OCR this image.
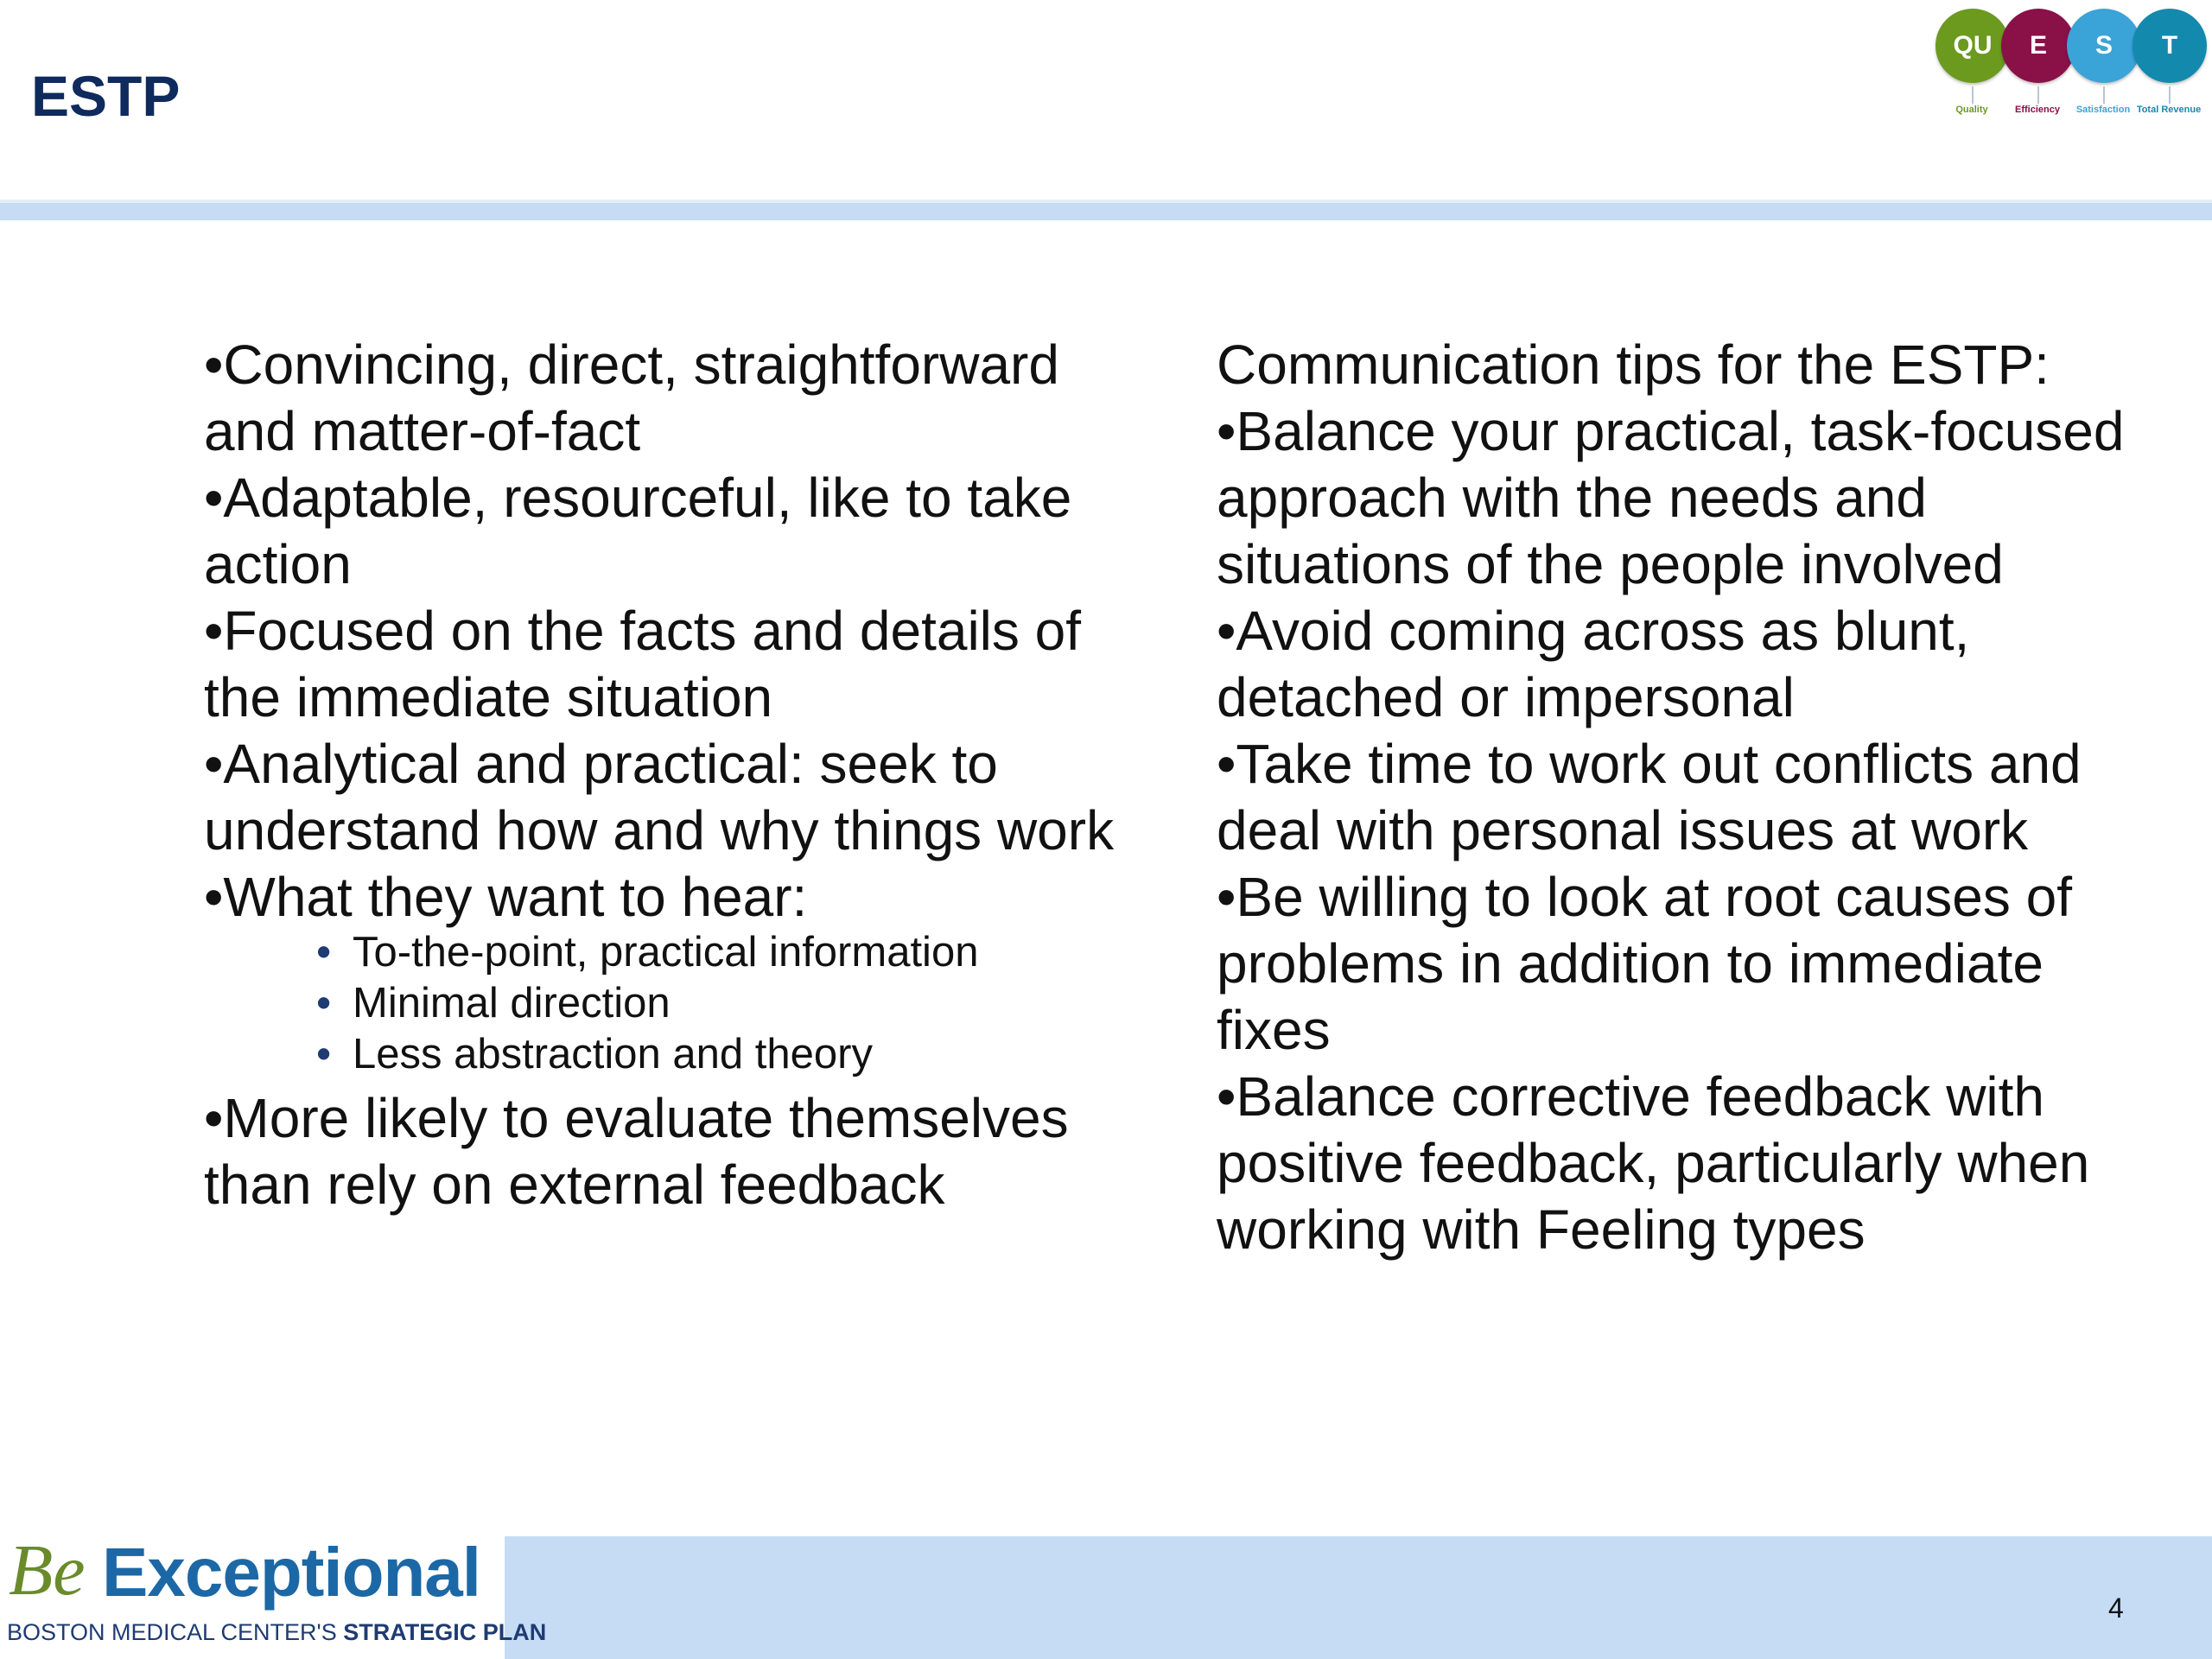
ESTP
QU	E	S	T
Quality	Efficiency	Satisfaction Total Revenue

•Convincing, direct, straightforward and matter-of-fact

•Adaptable, resourceful, like to take action

•Focused on the facts and details of the immediate situation

•Analytical and practical: seek to understand how and why things work

•What they want to hear:

• To-the-point, practical information
• Minimal direction
• Less abstraction and theory

•More likely to evaluate themselves than rely on external feedback

Communication tips for the ESTP:

•Balance your practical, task-focused approach with the needs and situations of the people involved

•Avoid coming across as blunt, detached or impersonal

•Take time to work out conflicts and deal with personal issues at work

•Be willing to look at root causes of problems in addition to immediate fixes

•Balance corrective feedback with positive feedback, particularly when working with Feeling types

Be Exceptional
BOSTON MEDICAL CENTER'S STRATEGIC PLAN
4
